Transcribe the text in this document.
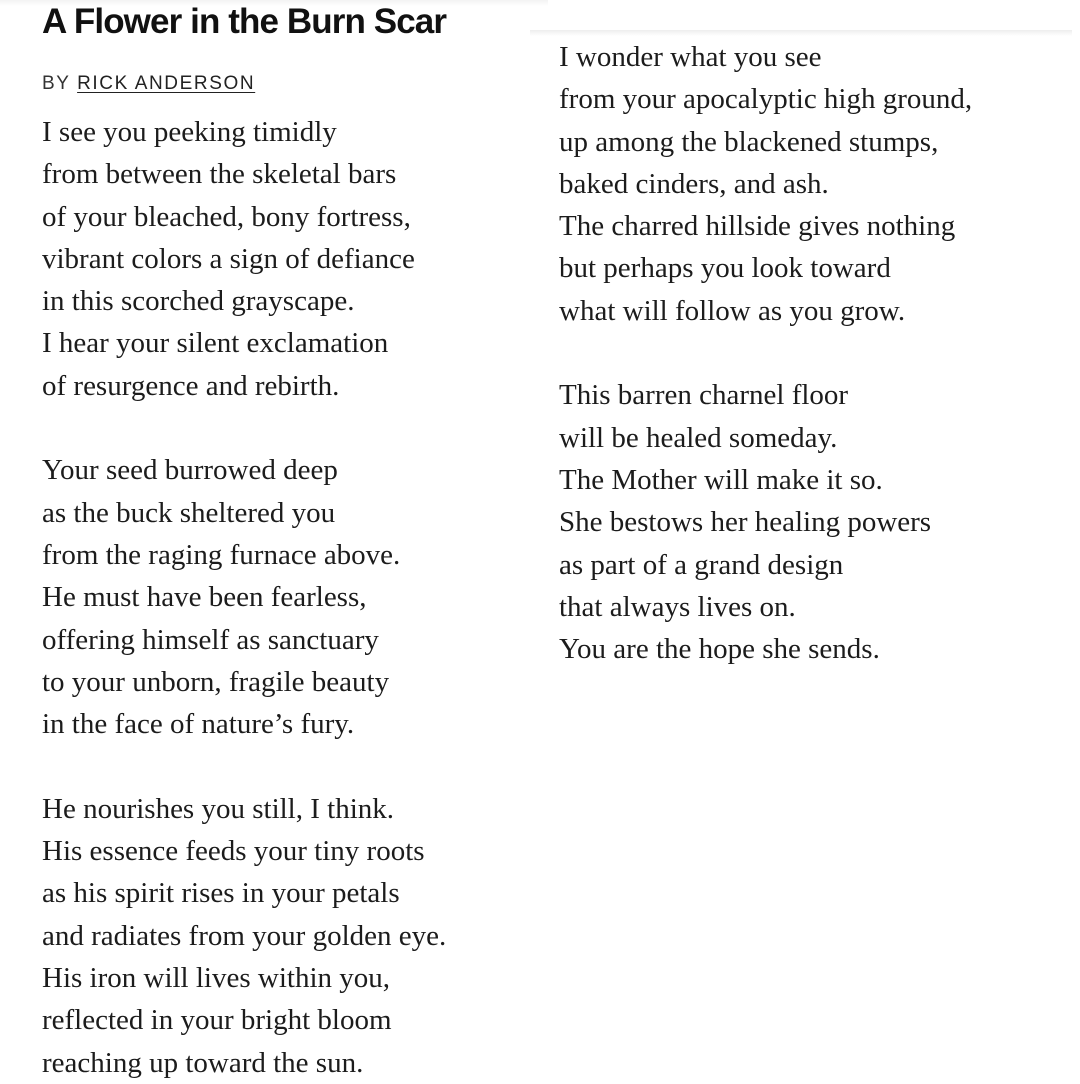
A Flower in the Burn Scar
BY RICK ANDERSON
I see you peeking timidly
from between the skeletal bars
of your bleached, bony fortress,
vibrant colors a sign of defiance
in this scorched grayscape.
I hear your silent exclamation
of resurgence and rebirth.
Your seed burrowed deep
as the buck sheltered you
from the raging furnace above.
He must have been fearless,
offering himself as sanctuary
to your unborn, fragile beauty
in the face of nature’s fury.
He nourishes you still, I think.
His essence feeds your tiny roots
as his spirit rises in your petals
and radiates from your golden eye.
His iron will lives within you,
reflected in your bright bloom
reaching up toward the sun.
I wonder what you see
from your apocalyptic high ground,
up among the blackened stumps,
baked cinders, and ash.
The charred hillside gives nothing
but perhaps you look toward
what will follow as you grow.
This barren charnel floor
will be healed someday.
The Mother will make it so.
She bestows her healing powers
as part of a grand design
that always lives on.
You are the hope she sends.
